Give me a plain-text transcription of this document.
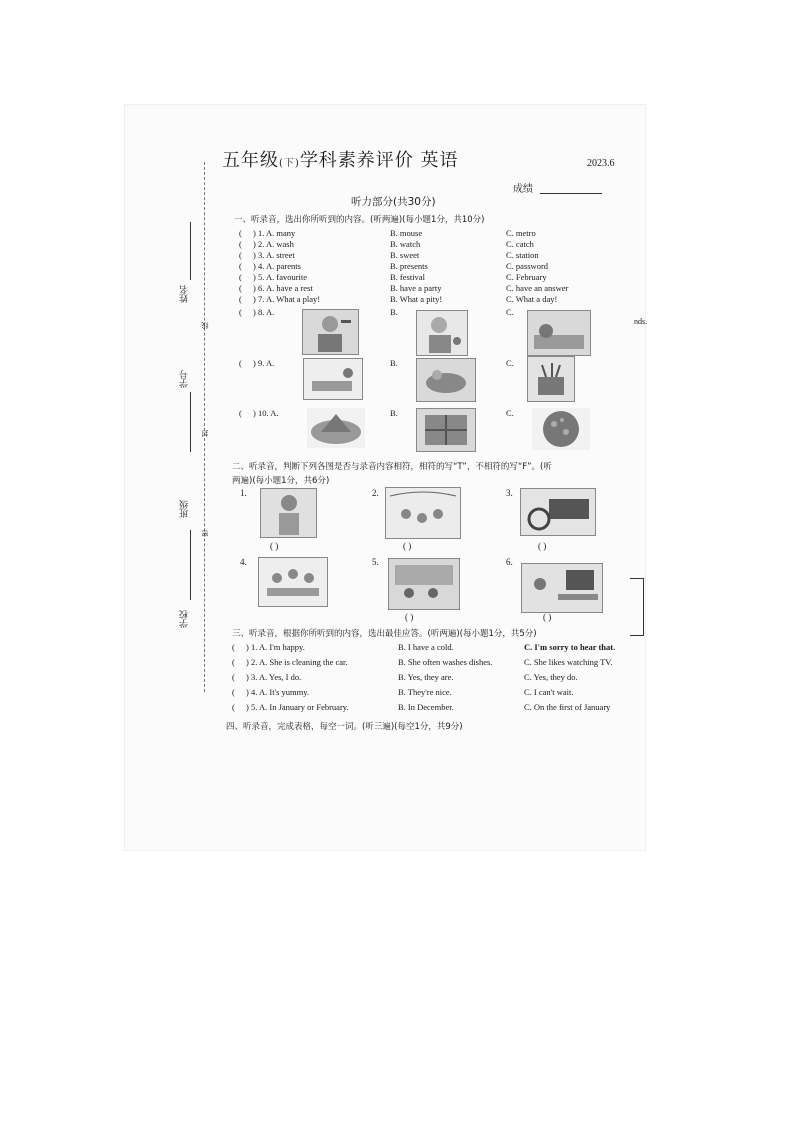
五年级(下)学科素养评价 英语	2023.6
成绩
听力部分(共30分)
姓名
学号
班级
学校
线
封
密
一、听录音，选出你所听到的内容。(听两遍)(每小题1分，共10分)
( ) 1. A. many	B. mouse	C. metro
( ) 2. A. wash	B. watch	C. catch
( ) 3. A. street	B. sweet	C. station
( ) 4. A. parents	B. presents	C. password
( ) 5. A. favourite	B. festival	C. February
( ) 6. A. have a rest	B. have a party	C. have an answer
( ) 7. A. What a play!	B. What a pity!	C. What a day!
( ) 8. A.	B.	C.
( ) 9. A.	B.	C.
( ) 10. A.	B.	C.
二、听录音，判断下列各图是否与录音内容相符，相符的写“T”，不相符的写“F”。(听
两遍)(每小题1分，共6分)
1.
( )
2.
( )
3.
( )
4.	5.
( )
6.
( )
nds.
三、听录音，根据你所听到的内容，选出最佳应答。(听两遍)(每小题1分，共5分)
( ) 1. A. I'm happy.	B. I have a cold.	C. I'm sorry to hear that.
( ) 2. A. She is cleaning the car.	B. She often washes dishes.	C. She likes watching TV.
( ) 3. A. Yes, I do.	B. Yes, they are.	C. Yes, they do.
( ) 4. A. It's yummy.	B. They're nice.	C. I can't wait.
( ) 5. A. In January or February.	B. In December.	C. On the first of January
四、听录音，完成表格，每空一词。(听三遍)(每空1分，共9分)
